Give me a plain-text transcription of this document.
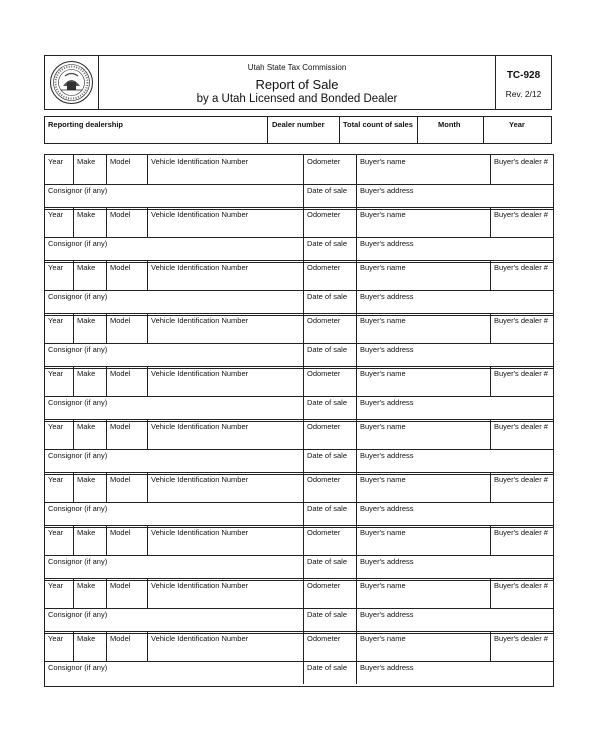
Utah State Tax Commission
Report of Sale
by a Utah Licensed and Bonded Dealer
TC-928
Rev. 2/12
Reporting dealership	Dealer number Total count of sales	Month	Year
Year Make Model	Vehicle Identification Number	Odometer	Buyer's name	Buyer's dealer #
Consignor (if any)	Date of sale Buyer's address
Year Make Model	Vehicle Identification Number	Odometer	Buyer's name	Buyer's dealer #
Consignor (if any)	Date of sale Buyer's address
Year Make Model	Vehicle Identification Number	Odometer	Buyer's name	Buyer's dealer #
Consignor (if any)	Date of sale Buyer's address
Year Make Model	Vehicle Identification Number	Odometer	Buyer's name	Buyer's dealer #
Consignor (if any)	Date of sale Buyer's address
Year Make Model	Vehicle Identification Number	Odometer	Buyer's name	Buyer's dealer #
Consignor (if any)	Date of sale Buyer's address
Year Make Model	Vehicle Identification Number	Odometer	Buyer's name	Buyer's dealer #
Consignor (if any)	Date of sale Buyer's address
Year Make Model	Vehicle Identification Number	Odometer	Buyer's name	Buyer's dealer #
Consignor (if any)	Date of sale Buyer's address
Year Make Model	Vehicle Identification Number	Odometer	Buyer's name	Buyer's dealer #
Consignor (if any)	Date of sale Buyer's address
Year Make Model	Vehicle Identification Number	Odometer	Buyer's name	Buyer's dealer #
Consignor (if any)	Date of sale Buyer's address
Year Make Model	Vehicle Identification Number	Odometer	Buyer's name	Buyer's dealer #
Consignor (if any)	Date of sale Buyer's address
